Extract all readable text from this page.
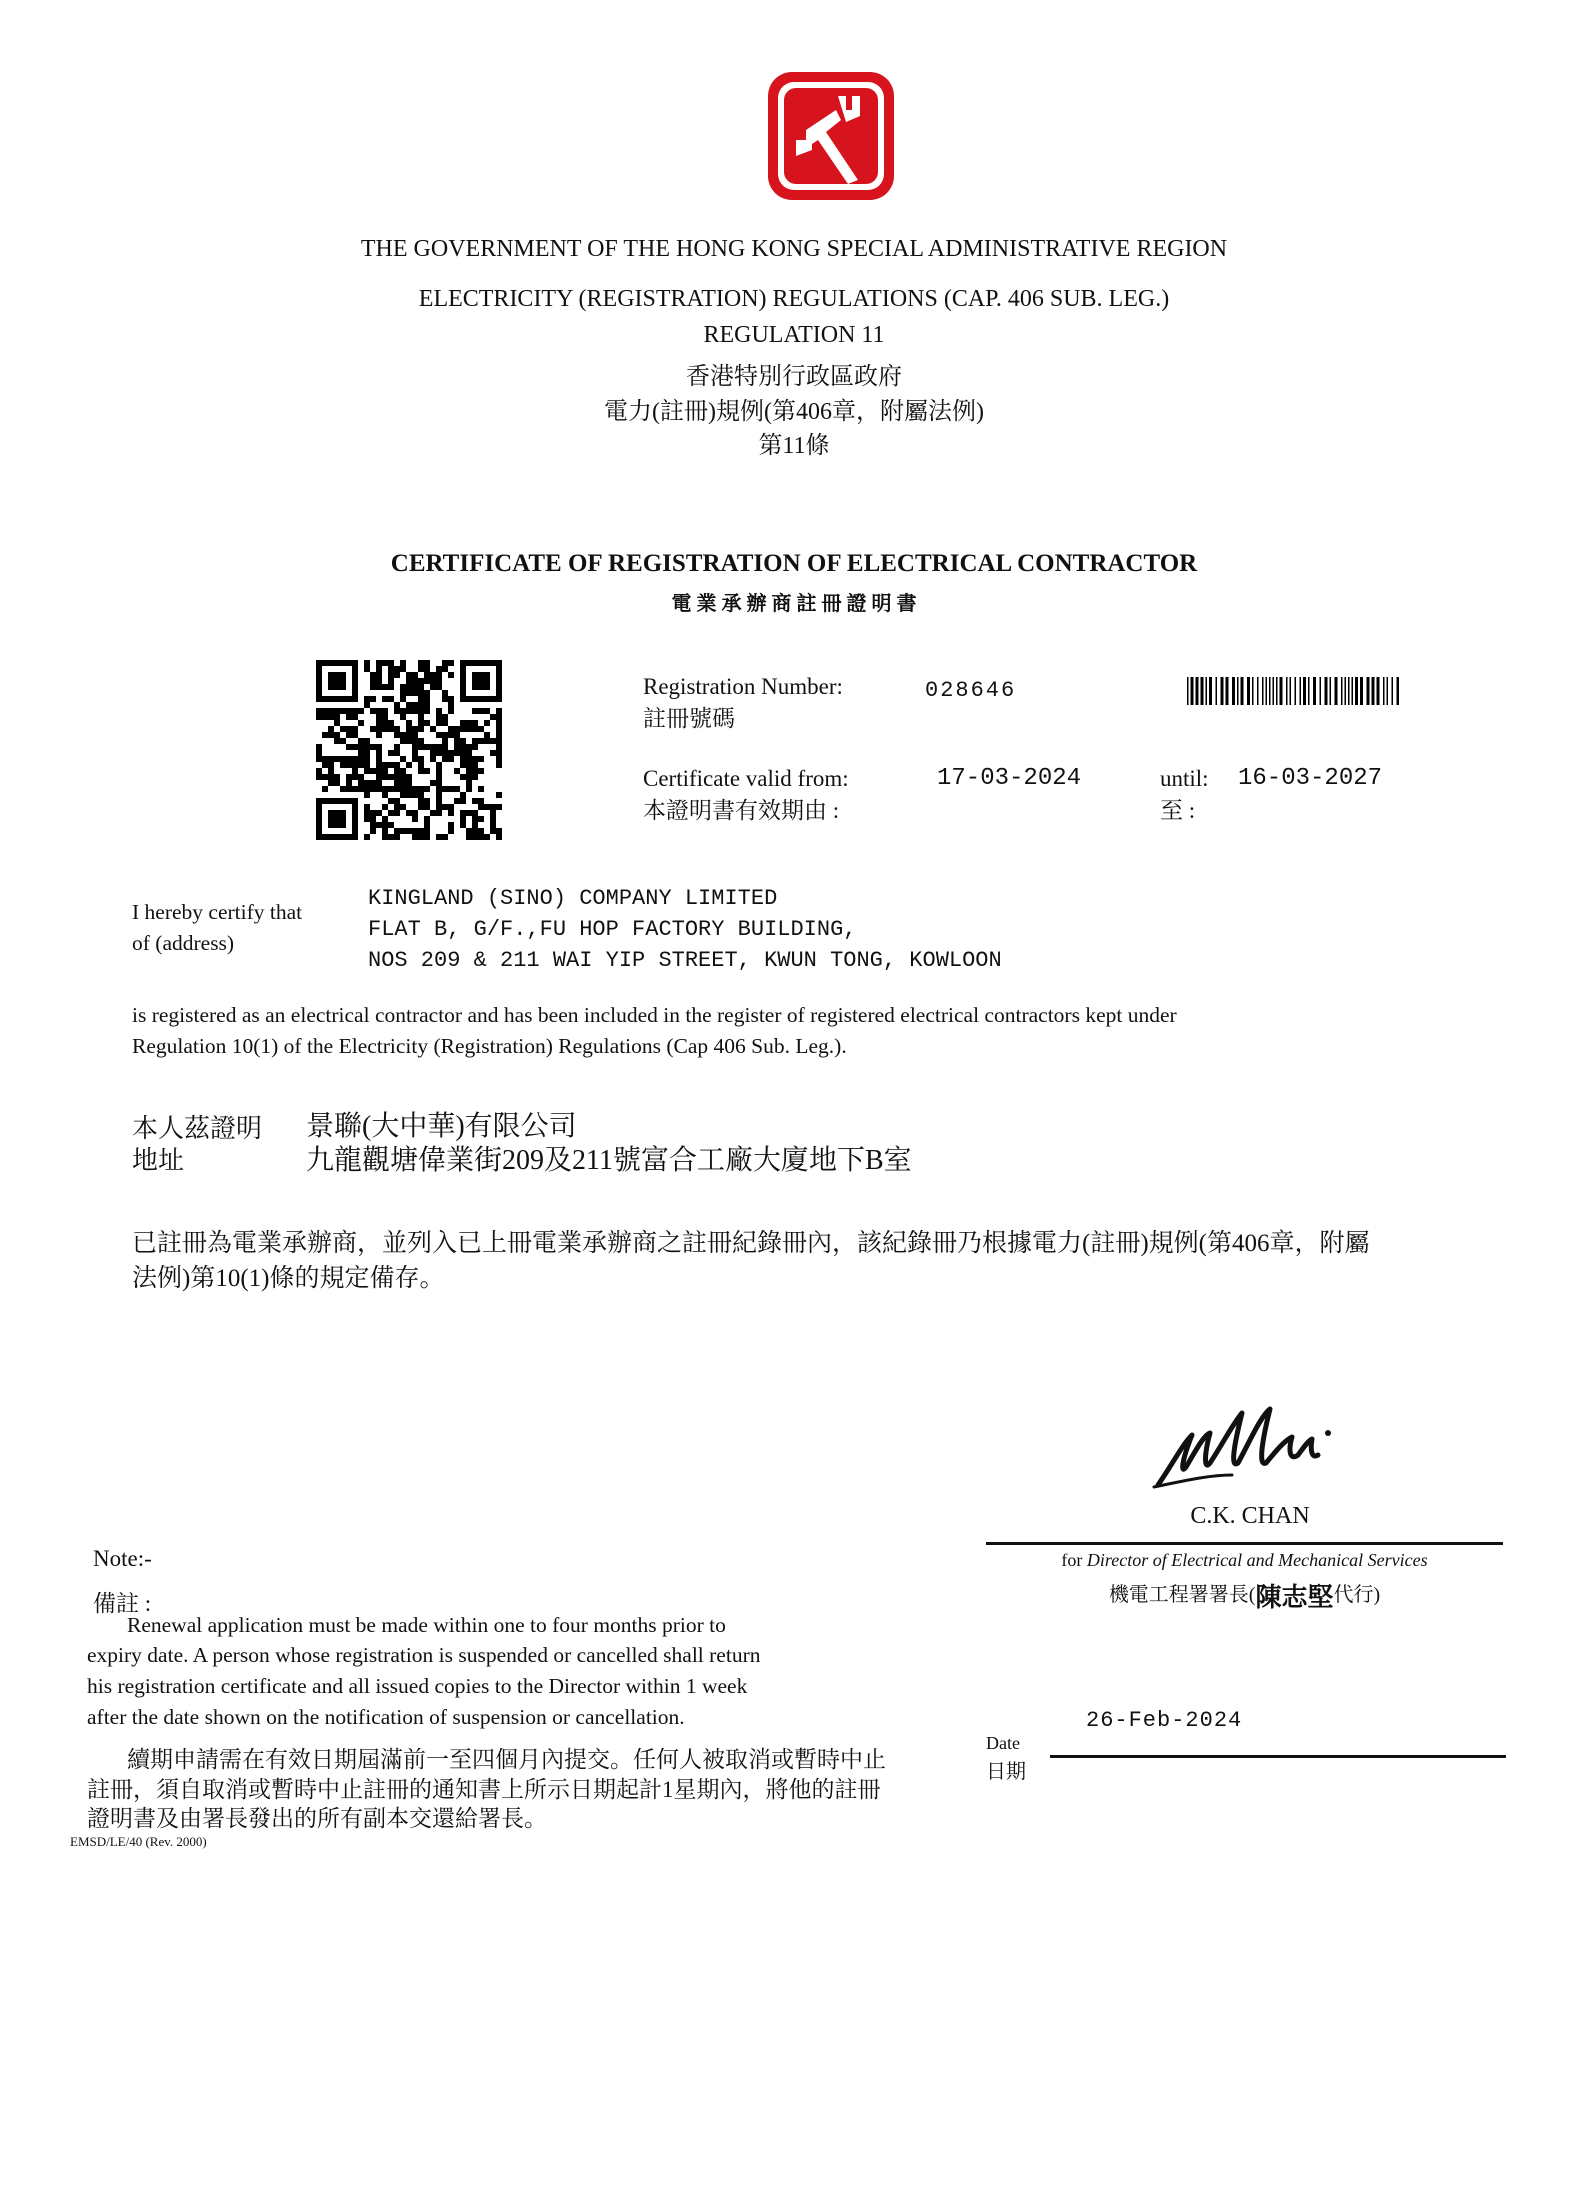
THE GOVERNMENT OF THE HONG KONG SPECIAL ADMINISTRATIVE REGION
ELECTRICITY (REGISTRATION) REGULATIONS (CAP. 406 SUB. LEG.)
REGULATION 11
香港特別行政區政府
電力(註冊)規例(第406章，附屬法例)
第11條
CERTIFICATE OF REGISTRATION OF ELECTRICAL CONTRACTOR
電 業 承 辦 商 註 冊 證 明 書
Registration Number:
註冊號碼
028646
Certificate valid from:
本證明書有效期由 :
17-03-2024	until:
至 :
16-03-2027
I hereby certify that
of (address)
KINGLAND (SINO) COMPANY LIMITED
FLAT B, G/F.,FU HOP FACTORY BUILDING,
NOS 209 & 211 WAI YIP STREET, KWUN TONG, KOWLOON
is registered as an electrical contractor and has been included in the register of registered electrical contractors kept under
Regulation 10(1) of the Electricity (Registration) Regulations (Cap 406 Sub. Leg.).
本人茲證明
地址
景聯(大中華)有限公司
九龍觀塘偉業街209及211號富合工廠大廈地下B室
已註冊為電業承辦商，並列入已上冊電業承辦商之註冊紀錄冊內，該紀錄冊乃根據電力(註冊)規例(第406章，附屬
法例)第10(1)條的規定備存。
C.K. CHAN
for Director of Electrical and Mechanical Services
機電工程署署長(陳志堅代行)
26-Feb-2024
Date
日期
Note:-
備註 :
Renewal application must be made within one to four months prior to
expiry date. A person whose registration is suspended or cancelled shall return
his registration certificate and all issued copies to the Director within 1 week
after the date shown on the notification of suspension or cancellation.
續期申請需在有效日期屆滿前一至四個月內提交。任何人被取消或暫時中止
註冊，須自取消或暫時中止註冊的通知書上所示日期起計1星期內，將他的註冊
證明書及由署長發出的所有副本交還給署長。
EMSD/LE/40 (Rev. 2000)
